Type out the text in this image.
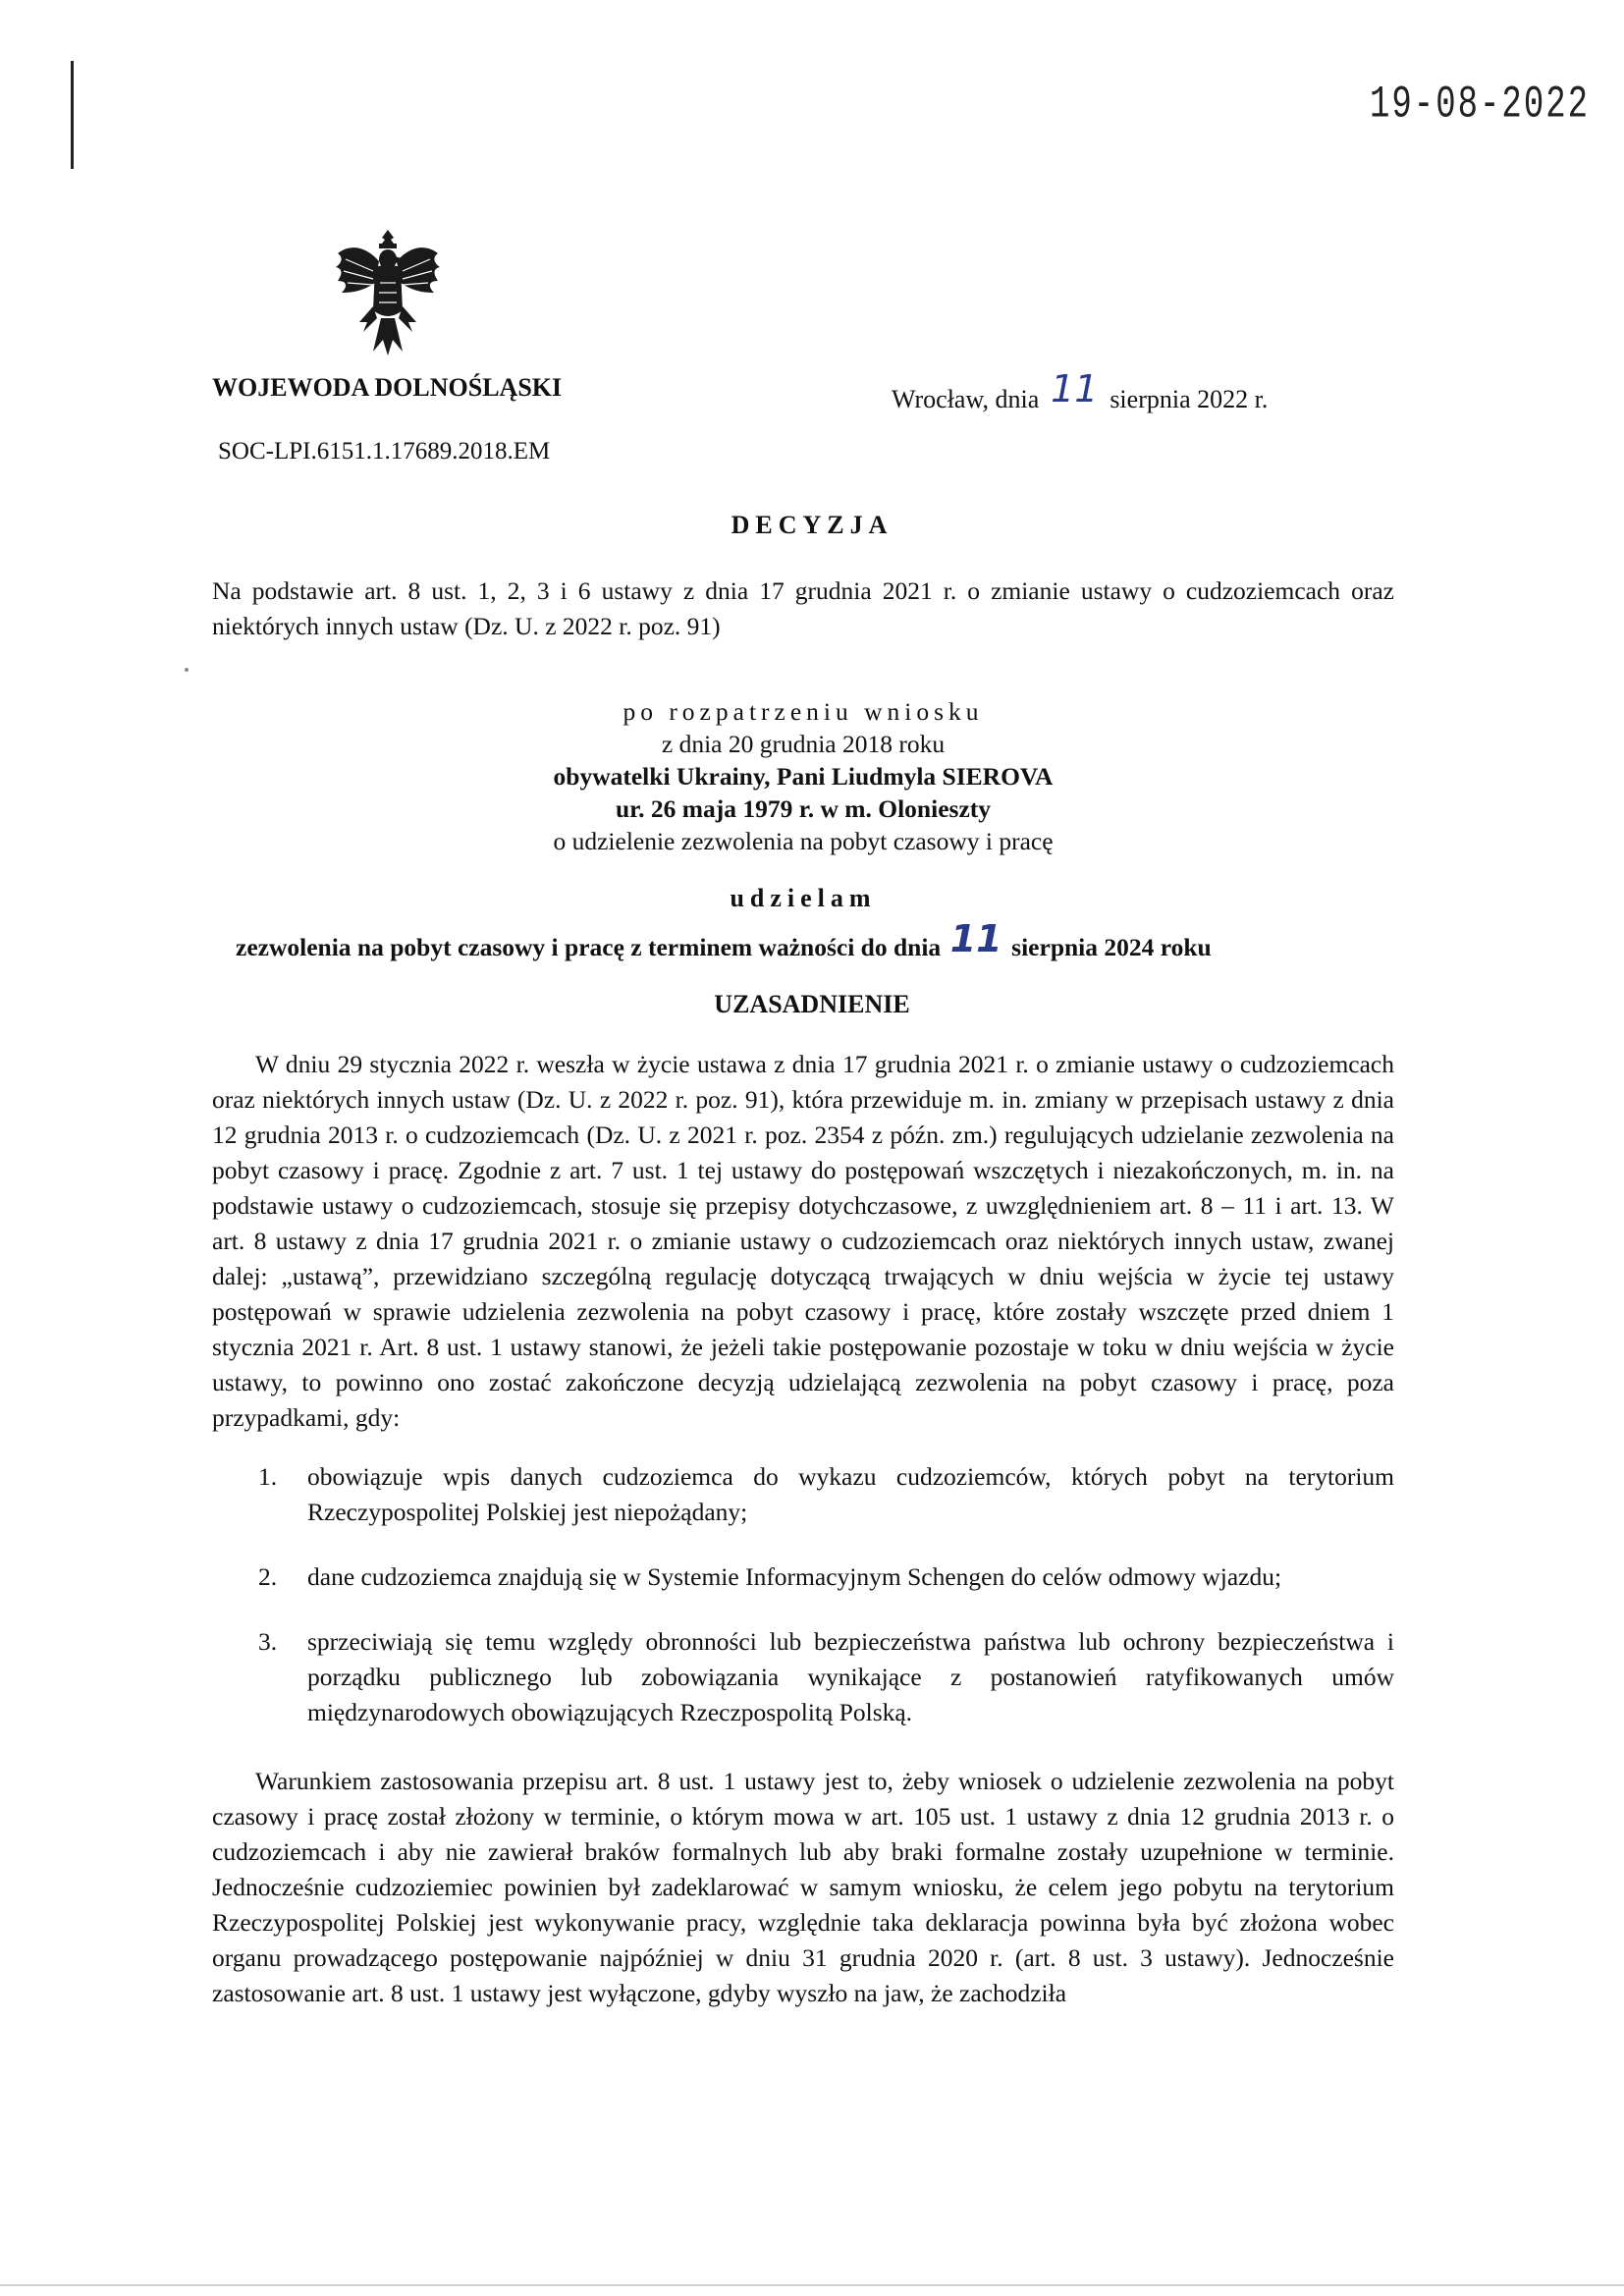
19-08-2022
WOJEWODA DOLNOŚLĄSKI	Wrocław, dnia 11 sierpnia 2022 r.
SOC-LPI.6151.1.17689.2018.EM
DECYZJA
Na podstawie art. 8 ust. 1, 2, 3 i 6 ustawy z dnia 17 grudnia 2021 r. o zmianie ustawy o cudzoziemcach oraz niektórych innych ustaw (Dz. U. z 2022 r. poz. 91)
po rozpatrzeniu wniosku
z dnia 20 grudnia 2018 roku
obywatelki Ukrainy, Pani Liudmyla SIEROVA
ur. 26 maja 1979 r. w m. Olonieszty
o udzielenie zezwolenia na pobyt czasowy i pracę
udzielam
zezwolenia na pobyt czasowy i pracę z terminem ważności do dnia 11 sierpnia 2024 roku
UZASADNIENIE
W dniu 29 stycznia 2022 r. weszła w życie ustawa z dnia 17 grudnia 2021 r. o zmianie ustawy o cudzoziemcach oraz niektórych innych ustaw (Dz. U. z 2022 r. poz. 91), która przewiduje m. in. zmiany w przepisach ustawy z dnia 12 grudnia 2013 r. o cudzoziemcach (Dz. U. z 2021 r. poz. 2354 z późn. zm.) regulujących udzielanie zezwolenia na pobyt czasowy i pracę. Zgodnie z art. 7 ust. 1 tej ustawy do postępowań wszczętych i niezakończonych, m. in. na podstawie ustawy o cudzoziemcach, stosuje się przepisy dotychczasowe, z uwzględnieniem art. 8 – 11 i art. 13. W art. 8 ustawy z dnia 17 grudnia 2021 r. o zmianie ustawy o cudzoziemcach oraz niektórych innych ustaw, zwanej dalej: „ustawą”, przewidziano szczególną regulację dotyczącą trwających w dniu wejścia w życie tej ustawy postępowań w sprawie udzielenia zezwolenia na pobyt czasowy i pracę, które zostały wszczęte przed dniem 1 stycznia 2021 r. Art. 8 ust. 1 ustawy stanowi, że jeżeli takie postępowanie pozostaje w toku w dniu wejścia w życie ustawy, to powinno ono zostać zakończone decyzją udzielającą zezwolenia na pobyt czasowy i pracę, poza przypadkami, gdy:
1. obowiązuje wpis danych cudzoziemca do wykazu cudzoziemców, których pobyt na terytorium Rzeczypospolitej Polskiej jest niepożądany;
2. dane cudzoziemca znajdują się w Systemie Informacyjnym Schengen do celów odmowy wjazdu;
3. sprzeciwiają się temu względy obronności lub bezpieczeństwa państwa lub ochrony bezpieczeństwa i porządku publicznego lub zobowiązania wynikające z postanowień ratyfikowanych umów międzynarodowych obowiązujących Rzeczpospolitą Polską.
Warunkiem zastosowania przepisu art. 8 ust. 1 ustawy jest to, żeby wniosek o udzielenie zezwolenia na pobyt czasowy i pracę został złożony w terminie, o którym mowa w art. 105 ust. 1 ustawy z dnia 12 grudnia 2013 r. o cudzoziemcach i aby nie zawierał braków formalnych lub aby braki formalne zostały uzupełnione w terminie. Jednocześnie cudzoziemiec powinien był zadeklarować w samym wniosku, że celem jego pobytu na terytorium Rzeczypospolitej Polskiej jest wykonywanie pracy, względnie taka deklaracja powinna była być złożona wobec organu prowadzącego postępowanie najpóźniej w dniu 31 grudnia 2020 r. (art. 8 ust. 3 ustawy). Jednocześnie zastosowanie art. 8 ust. 1 ustawy jest wyłączone, gdyby wyszło na jaw, że zachodziła
